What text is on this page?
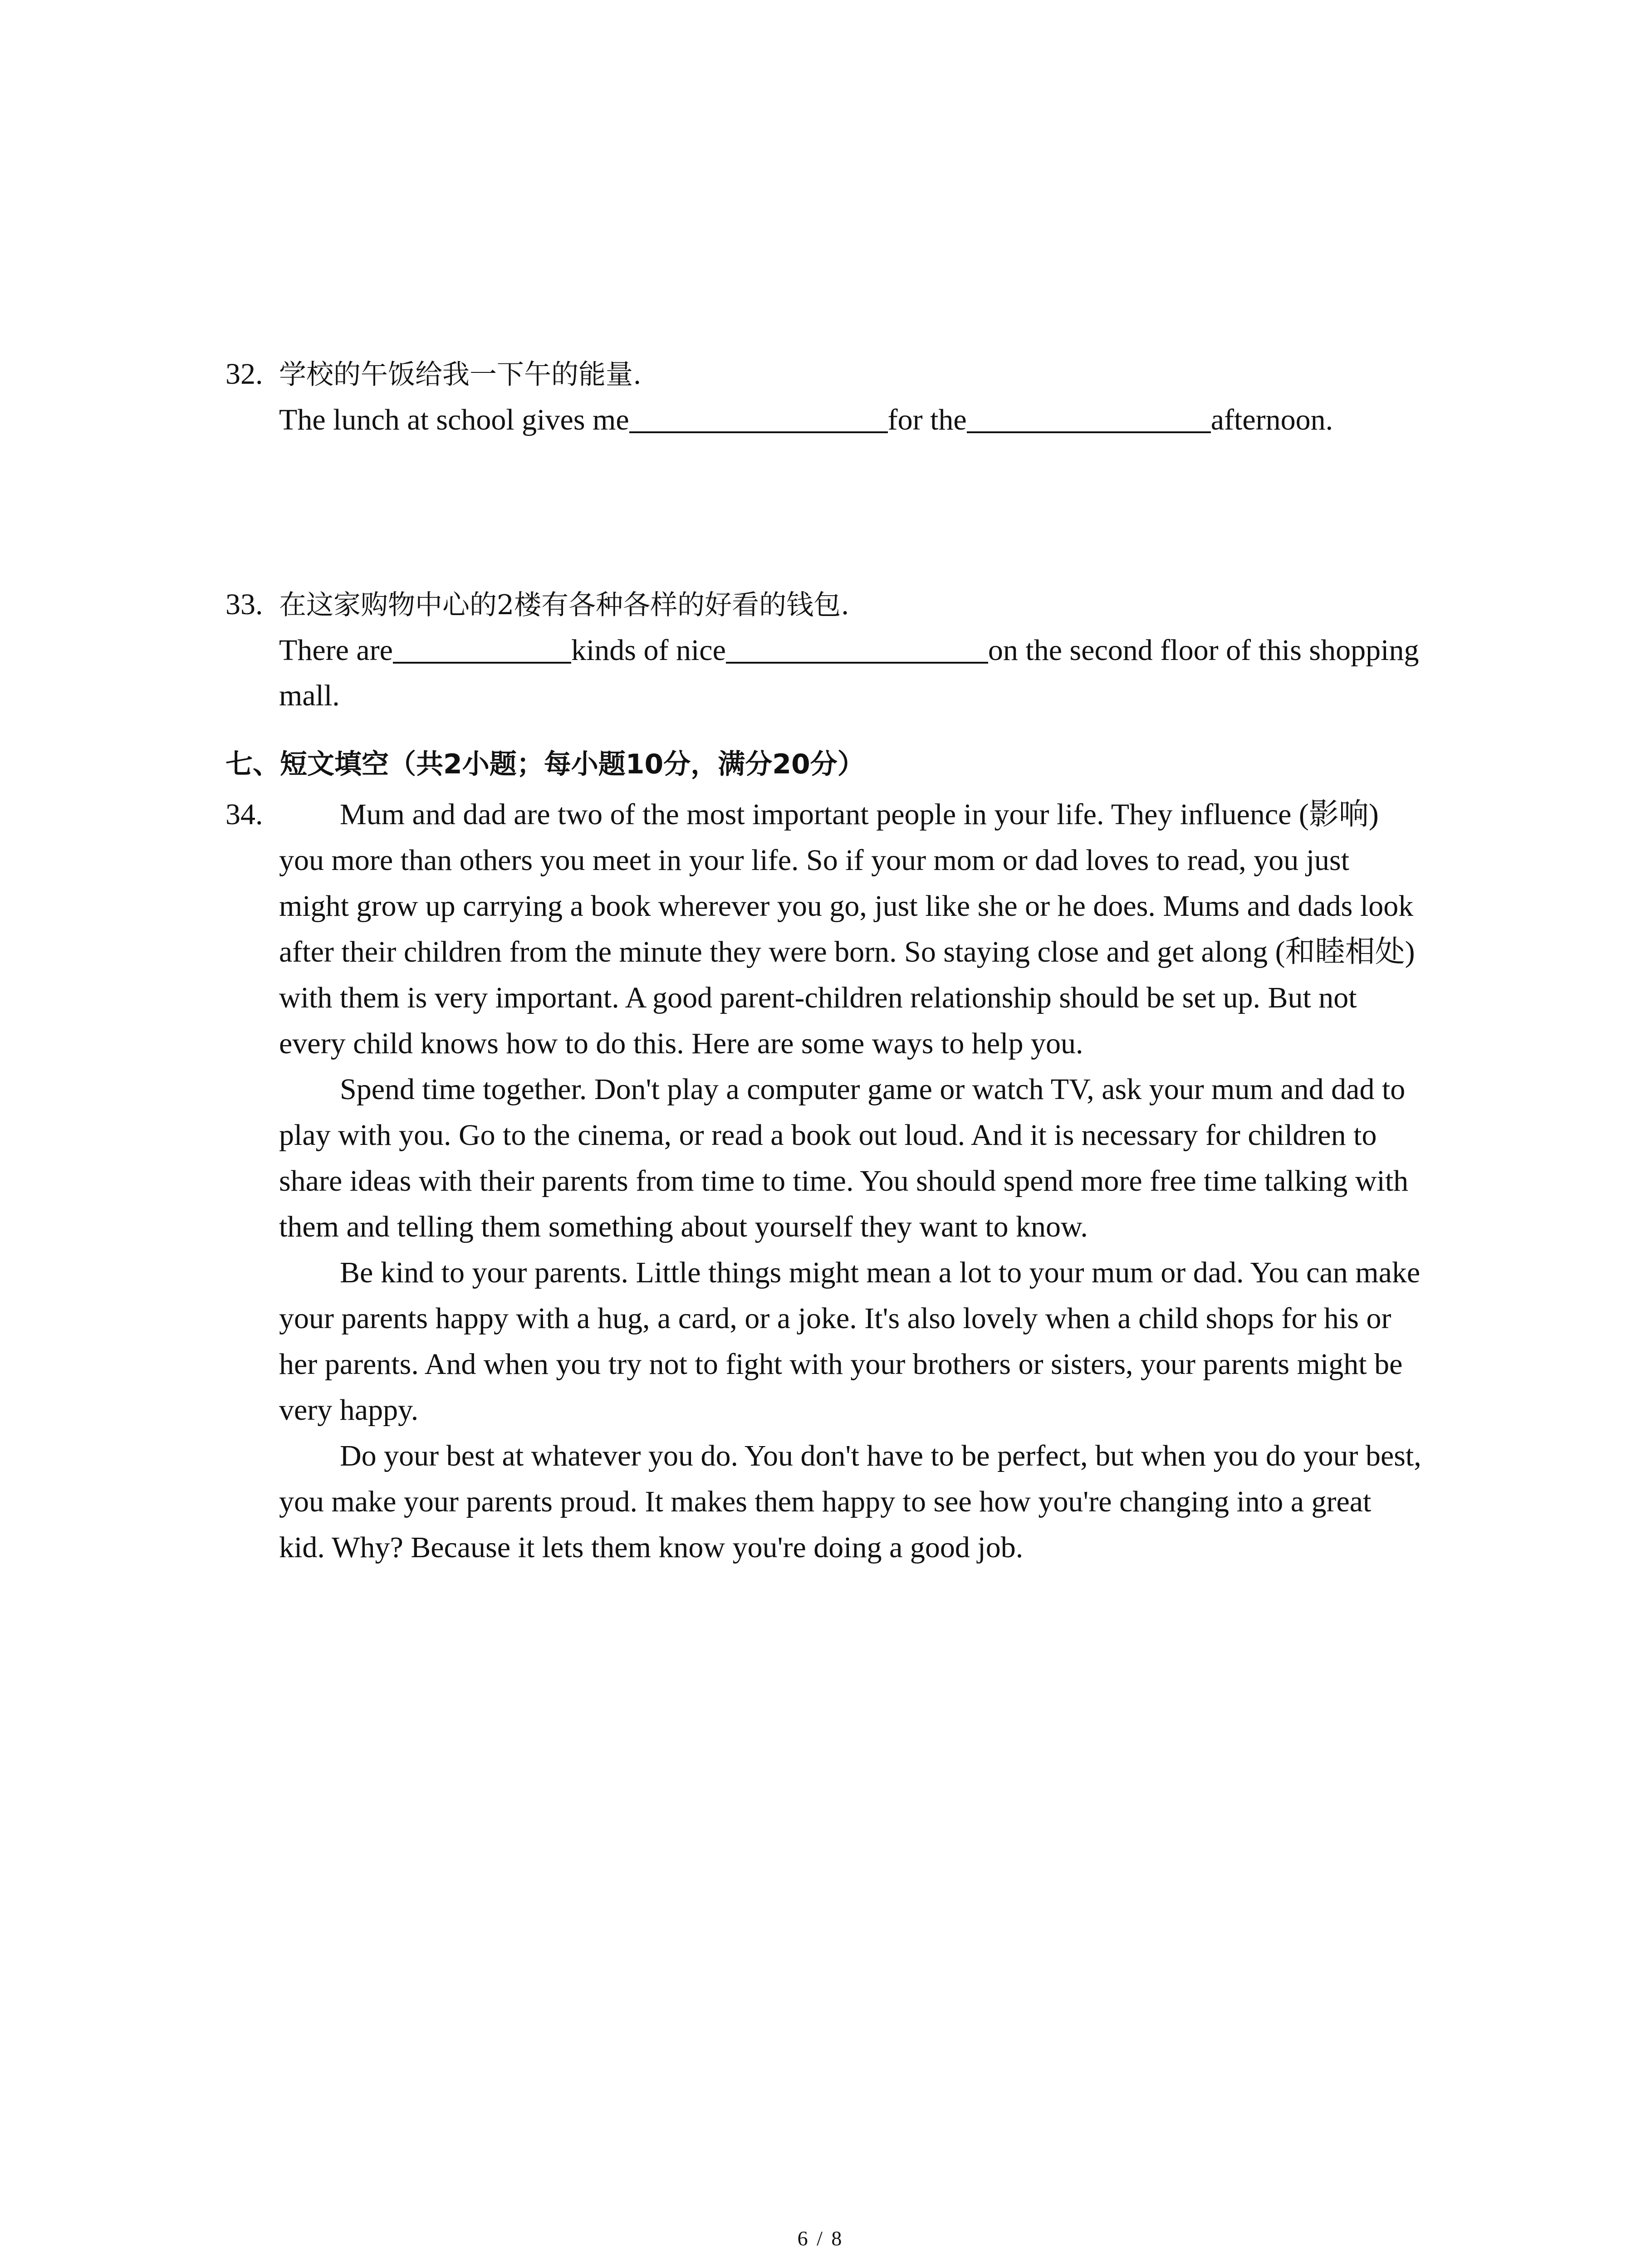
32. 学校的午饭给我一下午的能量.
The lunch at school gives me	for the	afternoon.
33. 在这家购物中心的2楼有各种各样的好看的钱包.
There are	kinds of nice	on the second floor of this shopping
mall.
七、短文填空（共2小题；每小题10分，满分20分）
34.	Mum and dad are two of the most important people in your life. They influence (影响)
you more than others you meet in your life. So if your mom or dad loves to read, you just
might grow up carrying a book wherever you go, just like she or he does. Mums and dads look
after their children from the minute they were born. So staying close and get along (和睦相处)
with them is very important. A good parent-children relationship should be set up. But not
every child knows how to do this. Here are some ways to help you.
Spend time together. Don't play a computer game or watch TV, ask your mum and dad to
play with you. Go to the cinema, or read a book out loud. And it is necessary for children to
share ideas with their parents from time to time. You should spend more free time talking with
them and telling them something about yourself they want to know.
Be kind to your parents. Little things might mean a lot to your mum or dad. You can make
your parents happy with a hug, a card, or a joke. It's also lovely when a child shops for his or
her parents. And when you try not to fight with your brothers or sisters, your parents might be
very happy.
Do your best at whatever you do. You don't have to be perfect, but when you do your best,
you make your parents proud. It makes them happy to see how you're changing into a great
kid. Why? Because it lets them know you're doing a good job.
6 / 8
